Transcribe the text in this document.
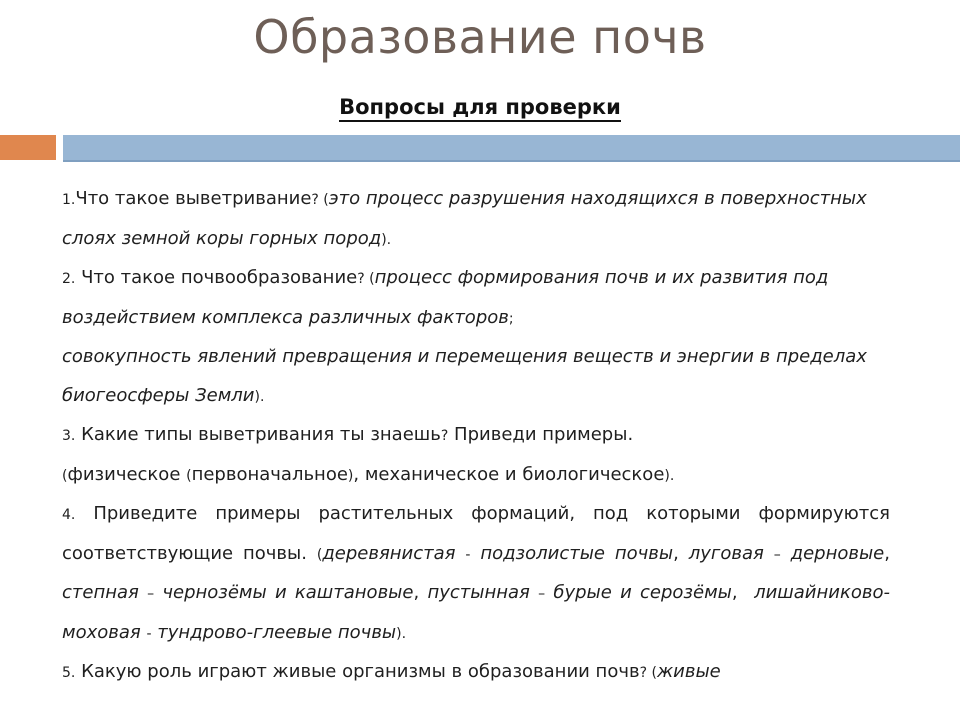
Образование почв
Вопросы для проверки

1.Что такое выветривание? (это процесс разрушения находящихся в поверхностных слоях земной коры горных пород).

2. Что такое почвообразование? (процесс формирования почв и их развития под воздействием комплекса различных факторов;
совокупность явлений превращения и перемещения веществ и энергии в пределах биогеосферы Земли).

3. Какие типы выветривания ты знаешь? Приведи примеры.
(физическое (первоначальное), механическое и биологическое).

4. Приведите примеры растительных формаций, под которыми формируются соответствующие почвы. (деревянистая - подзолистые почвы, луговая – дерновые, степная – чернозёмы и каштановые, пустынная – бурые и серозёмы,  лишайниково-моховая - тундрово-глеевые почвы).

5. Какую роль играют живые организмы в образовании почв? (живые
